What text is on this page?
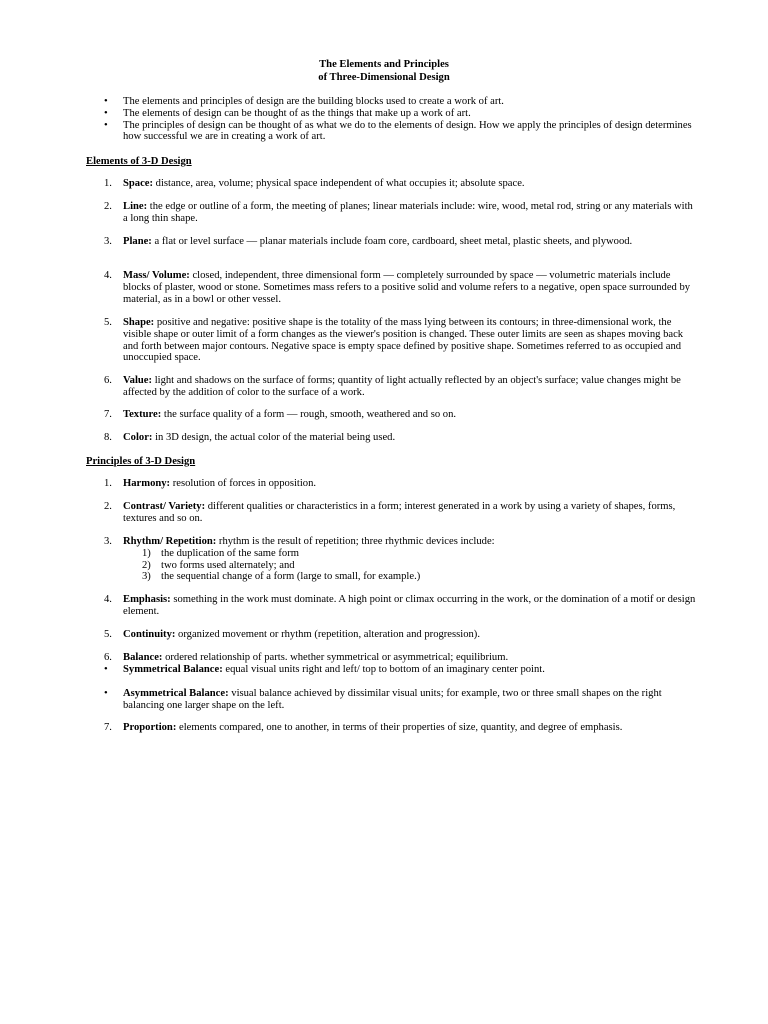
The Elements and Principles
of Three-Dimensional Design
• The elements and principles of design are the building blocks used to create a work of art.
• The elements of design can be thought of as the things that make up a work of art.
• The principles of design can be thought of as what we do to the elements of design. How we apply the principles of design determines how successful we are in creating a work of art.
Elements of 3-D Design
1. Space: distance, area, volume; physical space independent of what occupies it; absolute space.
2. Line: the edge or outline of a form, the meeting of planes; linear materials include: wire, wood, metal rod, string or any materials with a long thin shape.
3. Plane: a flat or level surface — planar materials include foam core, cardboard, sheet metal, plastic sheets, and plywood.
4. Mass/ Volume: closed, independent, three dimensional form — completely surrounded by space — volumetric materials include blocks of plaster, wood or stone. Sometimes mass refers to a positive solid and volume refers to a negative, open space surrounded by material, as in a bowl or other vessel.
5. Shape: positive and negative: positive shape is the totality of the mass lying between its contours; in three-dimensional work, the visible shape or outer limit of a form changes as the viewer's position is changed. These outer limits are seen as shapes moving back and forth between major contours. Negative space is empty space defined by positive shape. Sometimes referred to as occupied and unoccupied space.
6. Value: light and shadows on the surface of forms; quantity of light actually reflected by an object's surface; value changes might be affected by the addition of color to the surface of a work.
7. Texture: the surface quality of a form — rough, smooth, weathered and so on.
8. Color: in 3D design, the actual color of the material being used.
Principles of 3-D Design
1. Harmony: resolution of forces in opposition.
2. Contrast/ Variety: different qualities or characteristics in a form; interest generated in a work by using a variety of shapes, forms, textures and so on.
3. Rhythm/ Repetition: rhythm is the result of repetition; three rhythmic devices include:
1) the duplication of the same form
2) two forms used alternately; and
3) the sequential change of a form (large to small, for example.)
4. Emphasis: something in the work must dominate. A high point or climax occurring in the work, or the domination of a motif or design element.
5. Continuity: organized movement or rhythm (repetition, alteration and progression).
6. Balance: ordered relationship of parts. whether symmetrical or asymmetrical; equilibrium.
• Symmetrical Balance: equal visual units right and left/ top to bottom of an imaginary center point.
• Asymmetrical Balance: visual balance achieved by dissimilar visual units; for example, two or three small shapes on the right balancing one larger shape on the left.
7. Proportion: elements compared, one to another, in terms of their properties of size, quantity, and degree of emphasis.
